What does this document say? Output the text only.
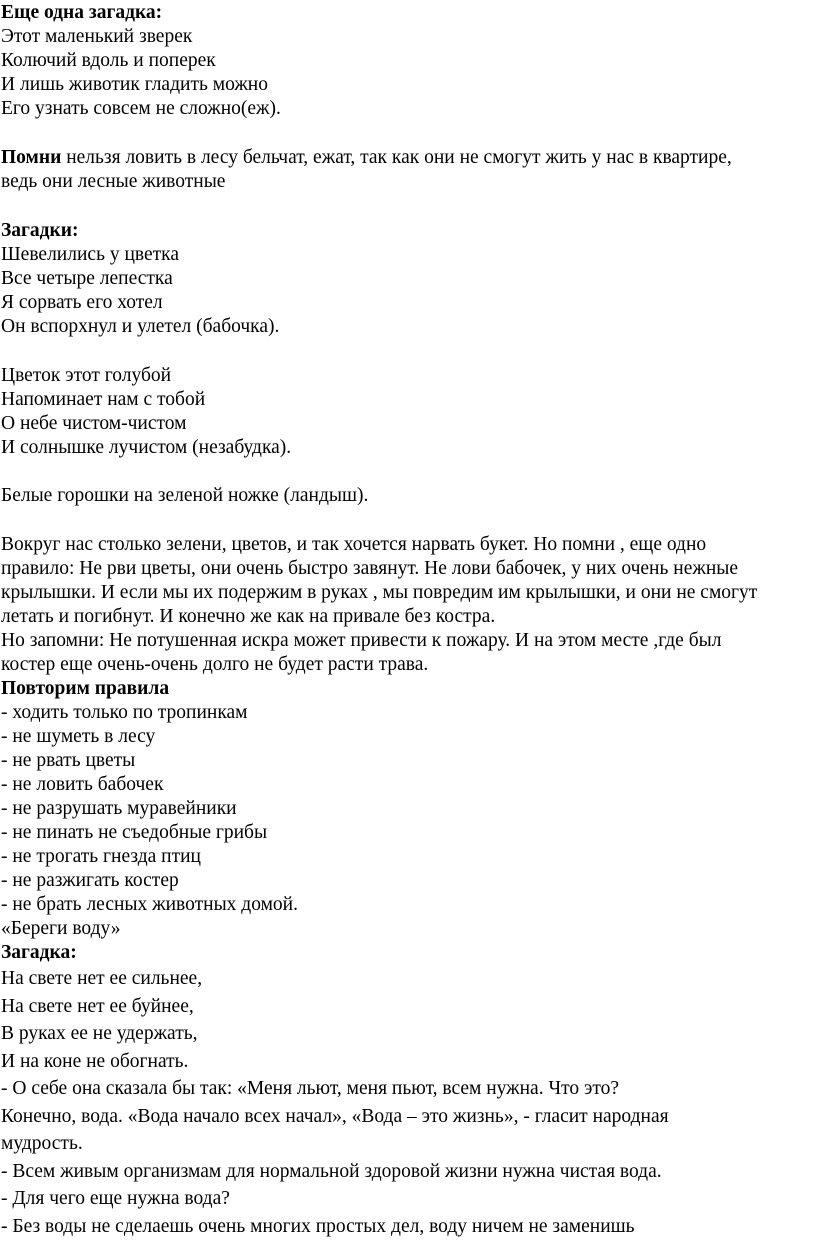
Еще одна загадка:
Этот маленький зверек
Колючий вдоль и поперек
И лишь животик гладить можно
Его узнать совсем не сложно(еж).
Помни нельзя ловить в лесу бельчат, ежат, так как они не смогут жить у нас в квартире,
ведь они лесные животные
Загадки:
Шевелились у цветка
Все четыре лепестка
Я сорвать его хотел
Он вспорхнул и улетел (бабочка).
Цветок этот голубой
Напоминает нам с тобой
О небе чистом-чистом
И солнышке лучистом (незабудка).
Белые горошки на зеленой ножке (ландыш).
Вокруг нас столько зелени, цветов, и так хочется нарвать букет. Но помни , еще одно
правило: Не рви цветы, они очень быстро завянут. Не лови бабочек, у них очень нежные
крылышки. И если мы их подержим в руках , мы повредим им крылышки, и они не смогут
летать и погибнут. И конечно же как на привале без костра.
Но запомни: Не потушенная искра может привести к пожару. И на этом месте ,где был
костер еще очень-очень долго не будет расти трава.
Повторим правила
- ходить только по тропинкам
- не шуметь в лесу
- не рвать цветы
- не ловить бабочек
- не разрушать муравейники
- не пинать не съедобные грибы
- не трогать гнезда птиц
- не разжигать костер
- не брать лесных животных домой.
«Береги воду»
Загадка:
На свете нет ее сильнее,
На свете нет ее буйнее,
В руках ее не удержать,
И на коне не обогнать.
- О себе она сказала бы так: «Меня льют, меня пьют, всем нужна. Что это?
Конечно, вода. «Вода начало всех начал», «Вода – это жизнь», - гласит народная
мудрость.
- Всем живым организмам для нормальной здоровой жизни нужна чистая вода.
- Для чего еще нужна вода?
- Без воды не сделаешь очень многих простых дел, воду ничем не заменишь
